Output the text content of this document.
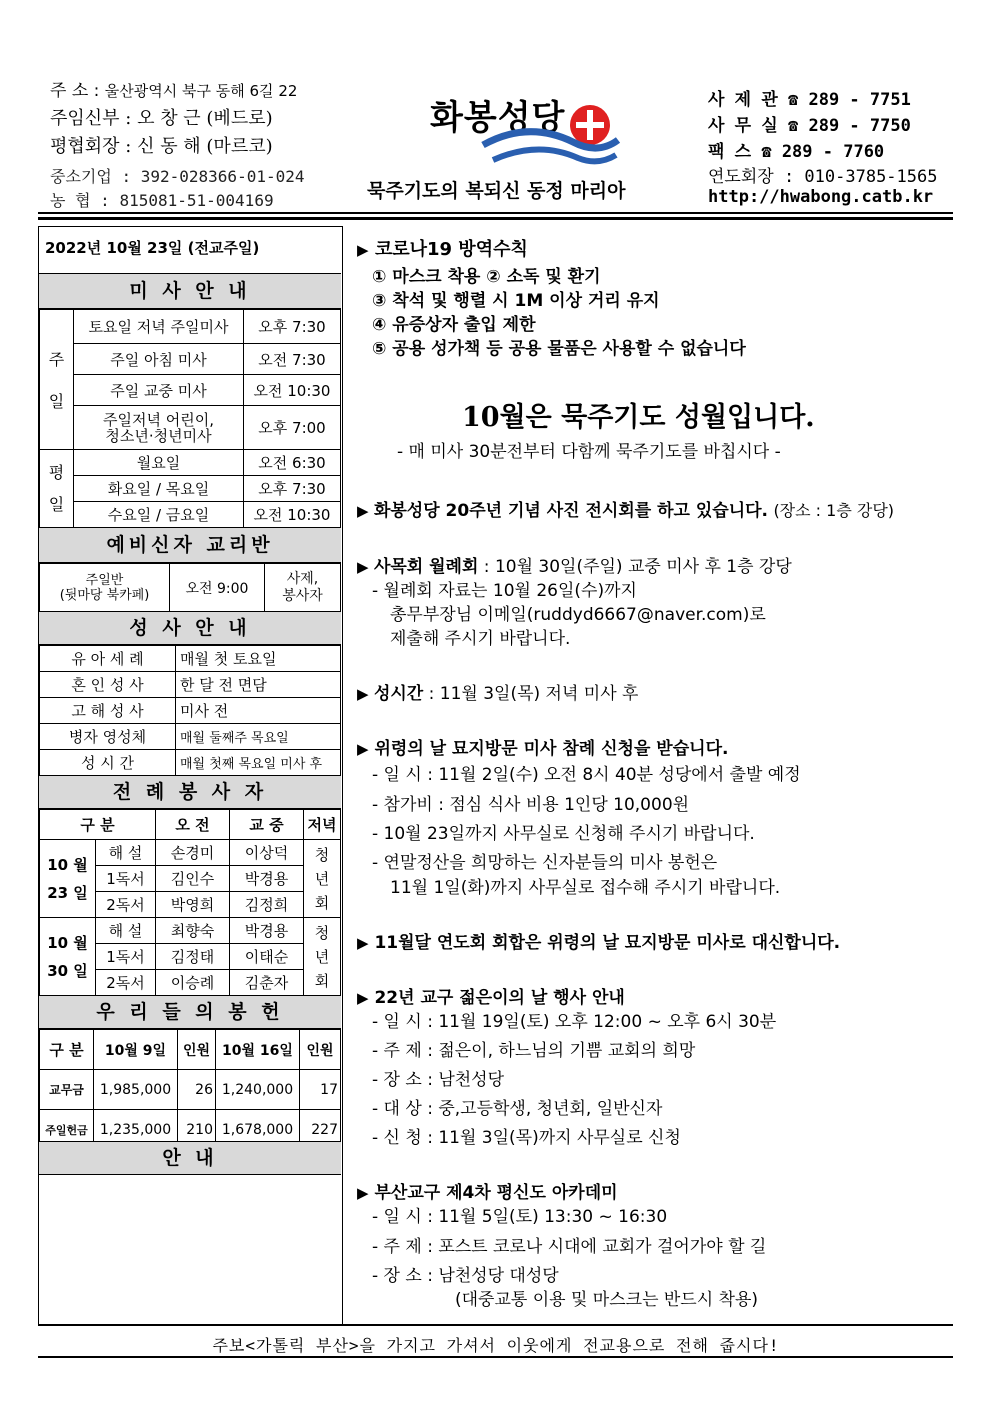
주 소 : 울산광역시 북구 동해 6길 22
주임신부 : 오 창 근 (베드로)
평협회장 : 신 동 해 (마르코)
중소기업 : 392-028366-01-024
농 협 : 815081-51-004169
화봉성당
묵주기도의 복되신 동정 마리아
사 제 관 ☎ 289 - 7751
사 무 실 ☎ 289 - 7750
팩 스 ☎ 289 - 7760
연도회장 : 010-3785-1565
http://hwabong.catb.kr
2022년 10월 23일 (전교주일)
미 사 안 내
주

일	토요일 저녁 주일미사	오후 7:30
	주일 아침 미사	오전 7:30
	주일 교중 미사	오전 10:30
	주일저녁 어린이,
청소년·청년미사	오후 7:00
평

일	월요일	오전 6:30
	화요일 / 목요일	오후 7:30
	수요일 / 금요일	오전 10:30
예비신자 교리반
주일반
(뒷마당 북카페)	오전 9:00	사제,
봉사자
성 사 안 내
유 아 세 례	매월 첫 토요일
혼 인 성 사	한 달 전 면담
고 해 성 사	미사 전
병자 영성체	매월 둘째주 목요일
성 시 간	매월 첫째 목요일 미사 후
전 례 봉 사 자
구 분		오 전	교 중	저녁
10 월

23 일	해 설	손경미	이상덕	청
년
회
	1독서	김인수	박경용	
	2독서	박영희	김정희	
10 월

30 일	해 설	최향숙	박경용	청
년
회
	1독서	김정태	이태순	
	2독서	이승례	김춘자	
우 리 들 의 봉 헌
구 분	10월 9일	인원	10월 16일	인원
교무금	1,985,000	26	1,240,000	17
주일헌금	1,235,000	210	1,678,000	227
안 내
▶ 코로나19 방역수칙
① 마스크 착용 ② 소독 및 환기
③ 착석 및 행렬 시 1M 이상 거리 유지
④ 유증상자 출입 제한
⑤ 공용 성가책 등 공용 물품은 사용할 수 없습니다
10월은 묵주기도 성월입니다.
- 매 미사 30분전부터 다함께 묵주기도를 바칩시다 -
▶ 화봉성당 20주년 기념 사진 전시회를 하고 있습니다. (장소 : 1층 강당)
▶ 사목회 월례회 : 10월 30일(주일) 교중 미사 후 1층 강당
- 월례회 자료는 10월 26일(수)까지
총무부장님 이메일(ruddyd6667@naver.com)로
제출해 주시기 바랍니다.
▶ 성시간 : 11월 3일(목) 저녁 미사 후
▶ 위령의 날 묘지방문 미사 참례 신청을 받습니다.
- 일 시 : 11월 2일(수) 오전 8시 40분 성당에서 출발 예정
- 참가비 : 점심 식사 비용 1인당 10,000원
- 10월 23일까지 사무실로 신청해 주시기 바랍니다.
- 연말정산을 희망하는 신자분들의 미사 봉헌은
11월 1일(화)까지 사무실로 접수해 주시기 바랍니다.
▶ 11월달 연도회 회합은 위령의 날 묘지방문 미사로 대신합니다.
▶ 22년 교구 젊은이의 날 행사 안내
- 일 시 : 11월 19일(토) 오후 12:00 ~ 오후 6시 30분
- 주 제 : 젊은이, 하느님의 기쁨 교회의 희망
- 장 소 : 남천성당
- 대 상 : 중,고등학생, 청년회, 일반신자
- 신 청 : 11월 3일(목)까지 사무실로 신청
▶ 부산교구 제4차 평신도 아카데미
- 일 시 : 11월 5일(토) 13:30 ~ 16:30
- 주 제 : 포스트 코로나 시대에 교회가 걸어가야 할 길
- 장 소 : 남천성당 대성당
(대중교통 이용 및 마스크는 반드시 착용)
주보<가톨릭 부산>을 가지고 가셔서 이웃에게 전교용으로 전해 줍시다!
